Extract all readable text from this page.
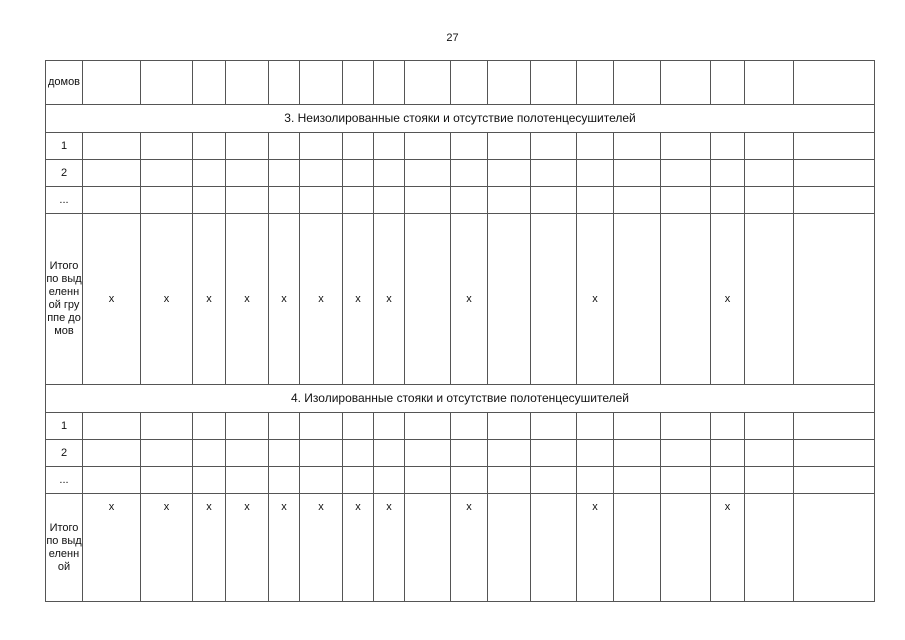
27
домов																		
3. Неизолированные стояки и отсутствие полотенцесушителей																		
1																		
2																		
...																		
Итого по выделенной группе домов	x	x	x	x	x	x	x	x		x			x			x		
4. Изолированные стояки и отсутствие полотенцесушителей																		
1																		
2																		
...																		
Итого по выделенной	x	x	x	x	x	x	x	x		x			x			x		
